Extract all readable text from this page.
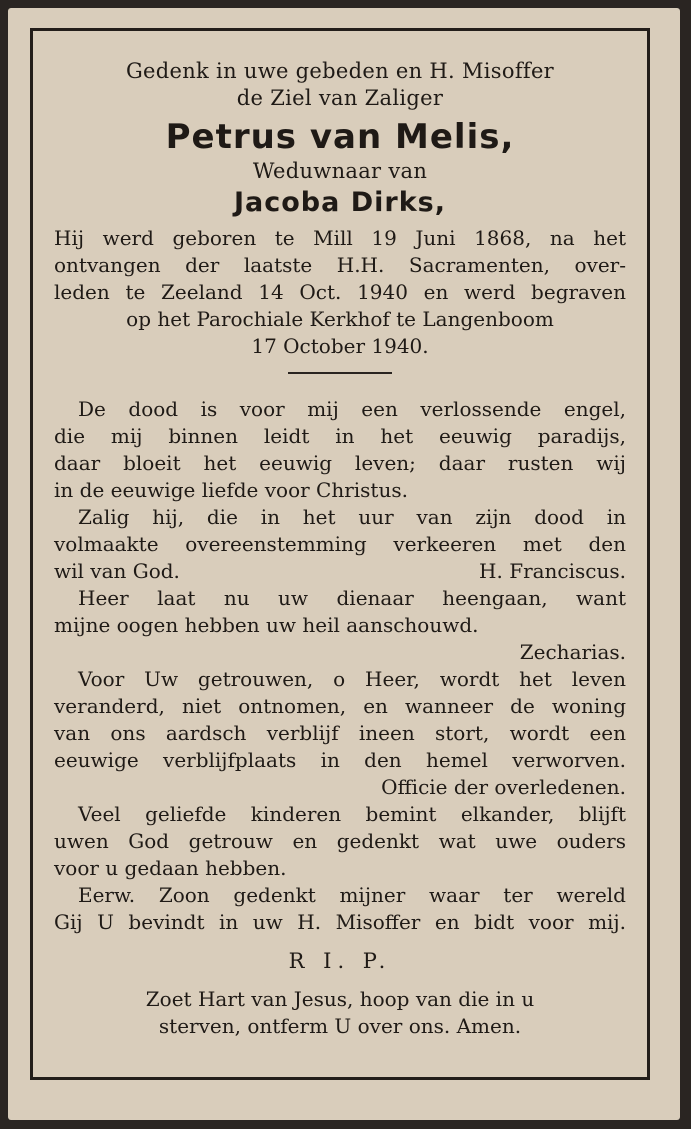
Gedenk in uwe gebeden en H. Misoffer
de Ziel van Zaliger
Petrus van Melis,
Weduwnaar van
Jacoba Dirks,
Hij werd geboren te Mill 19 Juni 1868, na het
ontvangen der laatste H.H. Sacramenten, over-
leden te Zeeland 14 Oct. 1940 en werd begraven
op het Parochiale Kerkhof te Langenboom
17 October 1940.
De dood is voor mij een verlossende engel,
die mij binnen leidt in het eeuwig paradijs,
daar bloeit het eeuwig leven; daar rusten wij
in de eeuwige liefde voor Christus.
Zalig hij, die in het uur van zijn dood in
volmaakte overeenstemming verkeeren met den
wil van God.	H. Franciscus.
Heer laat nu uw dienaar heengaan, want
mijne oogen hebben uw heil aanschouwd.
Zecharias.
Voor Uw getrouwen, o Heer, wordt het leven
veranderd, niet ontnomen, en wanneer de woning
van ons aardsch verblijf ineen stort, wordt een
eeuwige verblijfplaats in den hemel verworven.
Officie der overledenen.
Veel geliefde kinderen bemint elkander, blijft
uwen God getrouw en gedenkt wat uwe ouders
voor u gedaan hebben.
Eerw. Zoon gedenkt mijner waar ter wereld
Gij U bevindt in uw H. Misoffer en bidt voor mij.
R I. P.
Zoet Hart van Jesus, hoop van die in u
sterven, ontferm U over ons. Amen.
